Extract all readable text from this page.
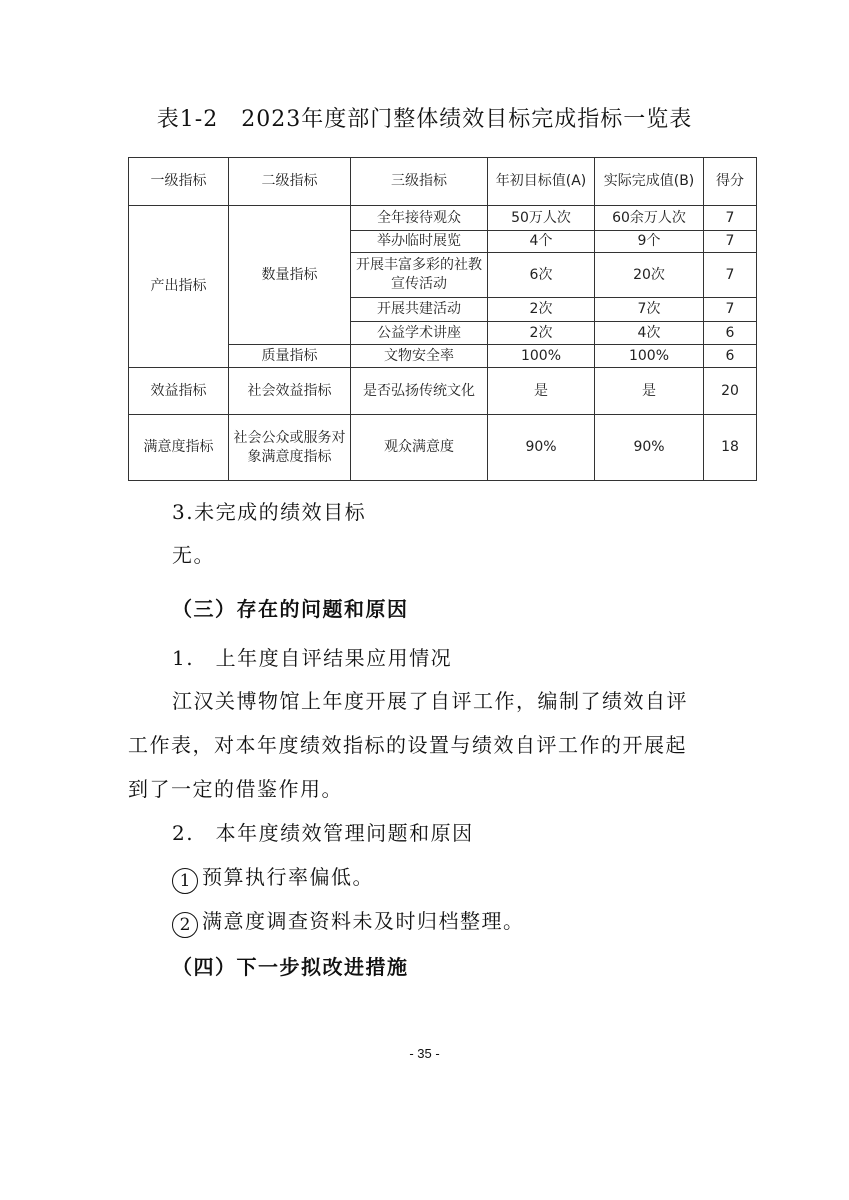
表1-2　2023年度部门整体绩效目标完成指标一览表
一级指标	二级指标	三级指标	年初目标值(A)	实际完成值(B)	得分
产出指标	数量指标	全年接待观众	50万人次	60余万人次	7
		举办临时展览	4个	9个	7
		开展丰富多彩的社教宣传活动	6次	20次	7
		开展共建活动	2次	7次	7
		公益学术讲座	2次	4次	6
	质量指标	文物安全率	100%	100%	6
效益指标	社会效益指标	是否弘扬传统文化	是	是	20
满意度指标	社会公众或服务对象满意度指标	观众满意度	90%	90%	18
3.未完成的绩效目标
无。
（三）存在的问题和原因
1.　上年度自评结果应用情况
江汉关博物馆上年度开展了自评工作，编制了绩效自评
工作表，对本年度绩效指标的设置与绩效自评工作的开展起
到了一定的借鉴作用。
2.　本年度绩效管理问题和原因
1 预算执行率偏低。
2 满意度调查资料未及时归档整理。
（四）下一步拟改进措施
- 35 -
